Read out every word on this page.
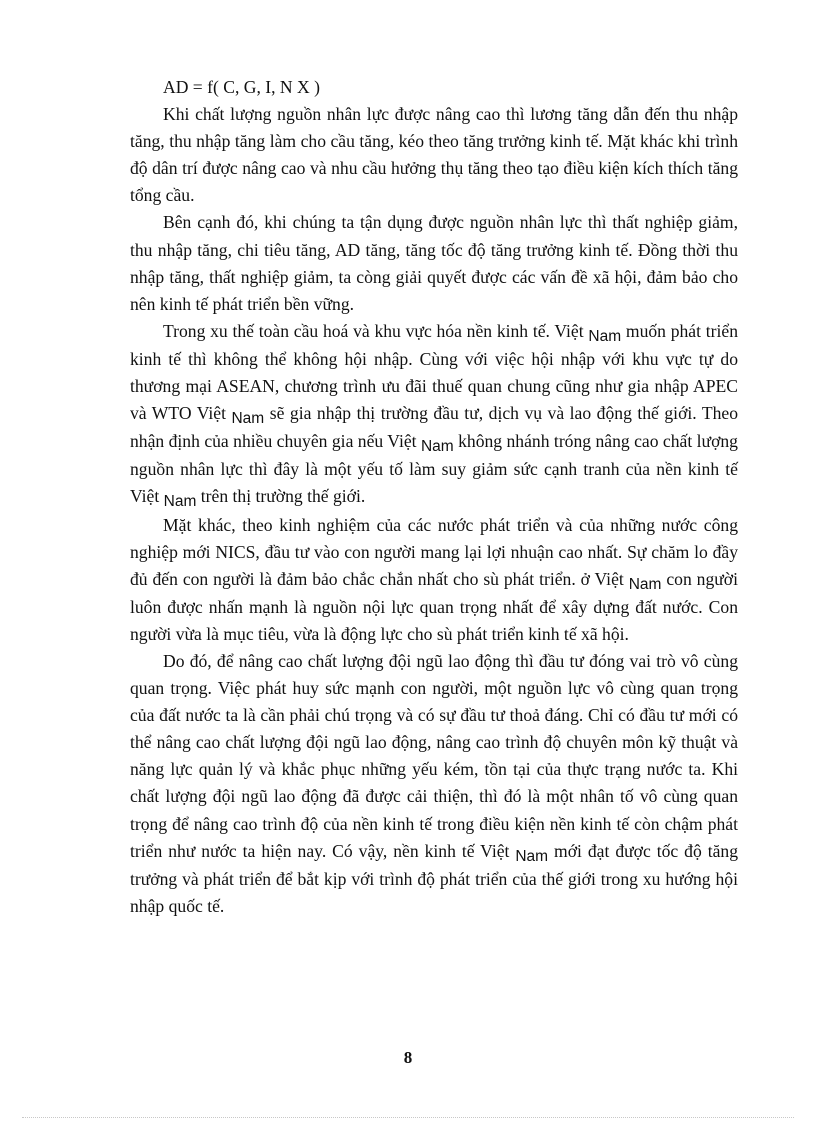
AD = f( C, G, I, N X )

Khi chất lượng nguồn nhân lực được nâng cao thì lương tăng dẫn đến thu nhập tăng, thu nhập tăng làm cho cầu tăng, kéo theo tăng trưởng kinh tế. Mặt khác khi trình độ dân trí được nâng cao và nhu cầu hưởng thụ tăng theo tạo điều kiện kích thích tăng tổng cầu.

Bên cạnh đó, khi chúng ta tận dụng được nguồn nhân lực thì thất nghiệp giảm, thu nhập tăng, chi tiêu tăng, AD tăng, tăng tốc độ tăng trưởng kinh tế. Đồng thời thu nhập tăng, thất nghiệp giảm, ta còng giải quyết được các vấn đề xã hội, đảm bảo cho nên kinh tế phát triển bền vững.

Trong xu thế toàn cầu hoá và khu vực hóa nền kinh tế. Việt Nam muốn phát triển kinh tế thì không thể không hội nhập. Cùng với việc hội nhập với khu vực tự do thương mại ASEAN, chương trình ưu đãi thuế quan chung cũng như gia nhập APEC và WTO Việt Nam sẽ gia nhập thị trường đầu tư, dịch vụ và lao động thế giới. Theo nhận định của nhiều chuyên gia nếu Việt Nam không nhánh tróng nâng cao chất lượng nguồn nhân lực thì đây là một yếu tố làm suy giảm sức cạnh tranh của nền kinh tế Việt Nam trên thị trường thế giới.

Mặt khác, theo kinh nghiệm của các nước phát triển và của những nước công nghiệp mới NICS, đầu tư vào con người mang lại lợi nhuận cao nhất. Sự chăm lo đầy đủ đến con người là đảm bảo chắc chắn nhất cho sù phát triển. ở Việt Nam con người luôn được nhấn mạnh là nguồn nội lực quan trọng nhất để xây dựng đất nước. Con người vừa là mục tiêu, vừa là động lực cho sù phát triển kinh tế xã hội.

Do đó, để nâng cao chất lượng đội ngũ lao động thì đầu tư đóng vai trò vô cùng quan trọng. Việc phát huy sức mạnh con người, một nguồn lực vô cùng quan trọng của đất nước ta là cần phải chú trọng và có sự đầu tư thoả đáng. Chỉ có đầu tư mới có thể nâng cao chất lượng đội ngũ lao động, nâng cao trình độ chuyên môn kỹ thuật và năng lực quản lý và khắc phục những yếu kém, tồn tại của thực trạng nước ta. Khi chất lượng đội ngũ lao động đã được cải thiện, thì đó là một nhân tố vô cùng quan trọng để nâng cao trình độ của nền kinh tế trong điều kiện nền kinh tế còn chậm phát triển như nước ta hiện nay. Có vậy, nền kinh tế Việt Nam mới đạt được tốc độ tăng trưởng và phát triển để bắt kịp với trình độ phát triển của thế giới trong xu hướng hội nhập quốc tế.

8
